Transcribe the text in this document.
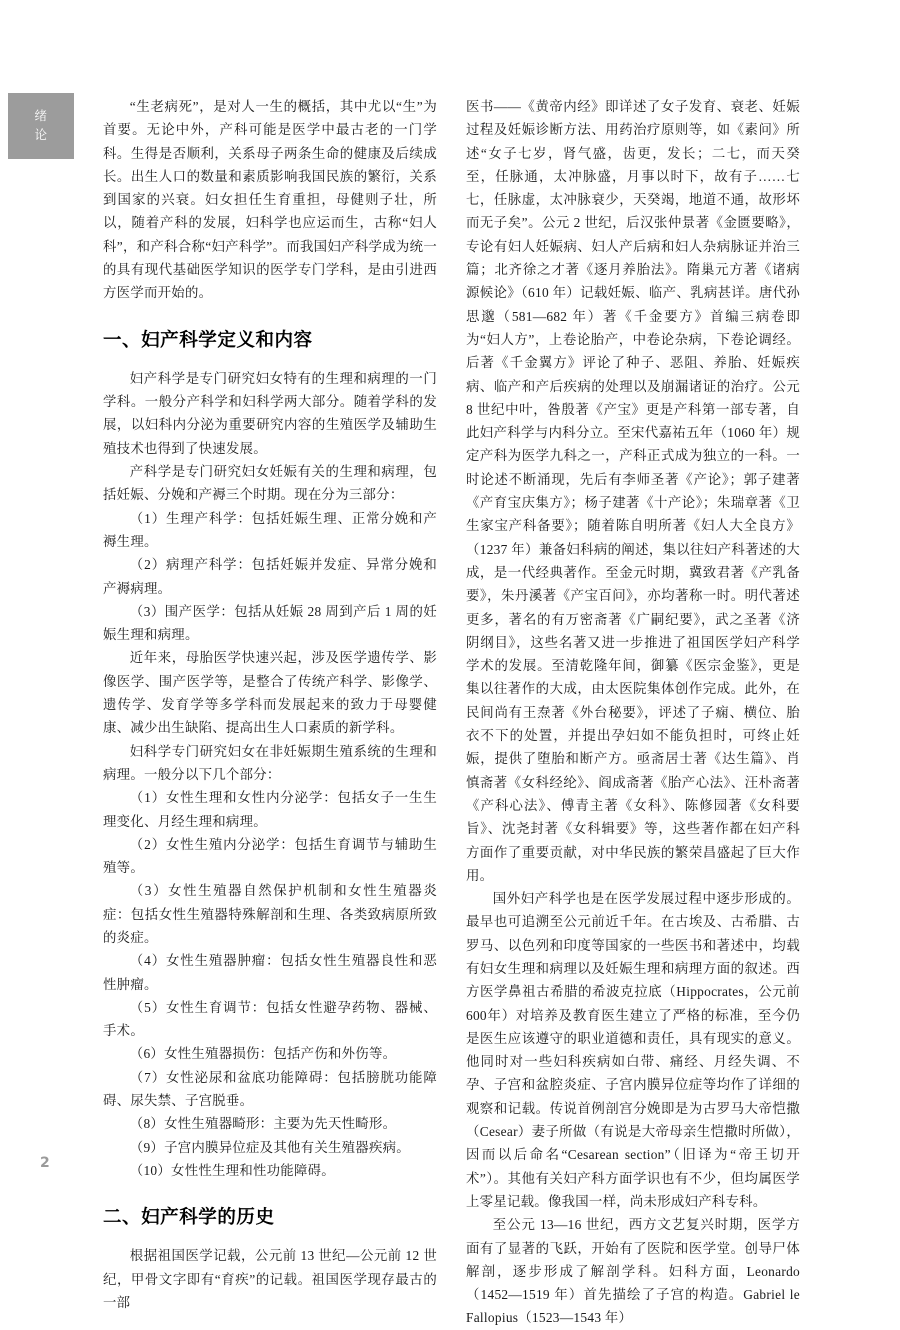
绪
论

“生老病死”，是对人一生的概括，其中尤以“生”为首要。无论中外，产科可能是医学中最古老的一门学科。生得是否顺利，关系母子两条生命的健康及后续成长。出生人口的数量和素质影响我国民族的繁衍，关系到国家的兴衰。妇女担任生育重担，母健则子壮，所以，随着产科的发展，妇科学也应运而生，古称“妇人科”，和产科合称“妇产科学”。而我国妇产科学成为统一的具有现代基础医学知识的医学专门学科，是由引进西方医学而开始的。

一、妇产科学定义和内容

妇产科学是专门研究妇女特有的生理和病理的一门学科。一般分产科学和妇科学两大部分。随着学科的发展，以妇科内分泌为重要研究内容的生殖医学及辅助生殖技术也得到了快速发展。

产科学是专门研究妇女妊娠有关的生理和病理，包括妊娠、分娩和产褥三个时期。现在分为三部分：

（1）生理产科学：包括妊娠生理、正常分娩和产褥生理。

（2）病理产科学：包括妊娠并发症、异常分娩和产褥病理。

（3）围产医学：包括从妊娠 28 周到产后 1 周的妊娠生理和病理。

近年来，母胎医学快速兴起，涉及医学遗传学、影像医学、围产医学等，是整合了传统产科学、影像学、遗传学、发育学等多学科而发展起来的致力于母婴健康、减少出生缺陷、提高出生人口素质的新学科。

妇科学专门研究妇女在非妊娠期生殖系统的生理和病理。一般分以下几个部分：

（1）女性生理和女性内分泌学：包括女子一生生理变化、月经生理和病理。

（2）女性生殖内分泌学：包括生育调节与辅助生殖等。

（3）女性生殖器自然保护机制和女性生殖器炎症：包括女性生殖器特殊解剖和生理、各类致病原所致的炎症。

（4）女性生殖器肿瘤：包括女性生殖器良性和恶性肿瘤。

（5）女性生育调节：包括女性避孕药物、器械、手术。

（6）女性生殖器损伤：包括产伤和外伤等。

（7）女性泌尿和盆底功能障碍：包括膀胱功能障碍、尿失禁、子宫脱垂。

（8）女性生殖器畸形：主要为先天性畸形。

（9）子宫内膜异位症及其他有关生殖器疾病。

（10）女性性生理和性功能障碍。

二、妇产科学的历史

根据祖国医学记载，公元前 13 世纪—公元前 12 世纪，甲骨文字即有“育疾”的记载。祖国医学现存最古的一部

医书——《黄帝内经》即详述了女子发育、衰老、妊娠过程及妊娠诊断方法、用药治疗原则等，如《素问》所述“女子七岁，肾气盛，齿更，发长；二七，而天癸至，任脉通，太冲脉盛，月事以时下，故有子……七七，任脉虚，太冲脉衰少，天癸竭，地道不通，故形坏而无子矣”。公元 2 世纪，后汉张仲景著《金匮要略》，专论有妇人妊娠病、妇人产后病和妇人杂病脉证并治三篇；北齐徐之才著《逐月养胎法》。隋巢元方著《诸病源候论》（610 年）记载妊娠、临产、乳病甚详。唐代孙思邈（581—682 年）著《千金要方》首编三病卷即为“妇人方”，上卷论胎产，中卷论杂病，下卷论调经。后著《千金翼方》评论了种子、恶阻、养胎、妊娠疾病、临产和产后疾病的处理以及崩漏诸证的治疗。公元 8 世纪中叶，昝殷著《产宝》更是产科第一部专著，自此妇产科学与内科分立。至宋代嘉祐五年（1060 年）规定产科为医学九科之一，产科正式成为独立的一科。一时论述不断涌现，先后有李师圣著《产论》；郭子建著《产育宝庆集方》；杨子建著《十产论》；朱瑞章著《卫生家宝产科备要》；随着陈自明所著《妇人大全良方》（1237 年）兼备妇科病的阐述，集以往妇产科著述的大成，是一代经典著作。至金元时期，冀致君著《产乳备要》，朱丹溪著《产宝百问》，亦均著称一时。明代著述更多，著名的有万密斋著《广嗣纪要》，武之圣著《济阴纲目》，这些名著又进一步推进了祖国医学妇产科学学术的发展。至清乾隆年间，御纂《医宗金鉴》，更是集以往著作的大成，由太医院集体创作完成。此外，在民间尚有王焘著《外台秘要》，评述了子痫、横位、胎衣不下的处置，并提出孕妇如不能负担时，可终止妊娠，提供了堕胎和断产方。亟斋居士著《达生篇》、肖慎斋著《女科经纶》、阎成斋著《胎产心法》、汪朴斋著《产科心法》、傅青主著《女科》、陈修园著《女科要旨》、沈尧封著《女科辑要》等，这些著作都在妇产科方面作了重要贡献，对中华民族的繁荣昌盛起了巨大作用。

国外妇产科学也是在医学发展过程中逐步形成的。最早也可追溯至公元前近千年。在古埃及、古希腊、古罗马、以色列和印度等国家的一些医书和著述中，均载有妇女生理和病理以及妊娠生理和病理方面的叙述。西方医学鼻祖古希腊的希波克拉底（Hippocrates，公元前 600年）对培养及教育医生建立了严格的标准，至今仍是医生应该遵守的职业道德和责任，具有现实的意义。他同时对一些妇科疾病如白带、痛经、月经失调、不孕、子宫和盆腔炎症、子宫内膜异位症等均作了详细的观察和记载。传说首例剖宫分娩即是为古罗马大帝恺撒（Cesear）妻子所做（有说是大帝母亲生恺撒时所做），因而以后命名“Cesarean section”（旧译为“帝王切开术”）。其他有关妇产科方面学识也有不少，但均属医学上零星记载。像我国一样，尚未形成妇产科专科。

至公元 13—16 世纪，西方文艺复兴时期，医学方面有了显著的飞跃，开始有了医院和医学堂。创导尸体解剖，逐步形成了解剖学科。妇科方面，Leonardo（1452—1519 年）首先描绘了子宫的构造。Gabriel le Fallopius（1523—1543 年）

2
